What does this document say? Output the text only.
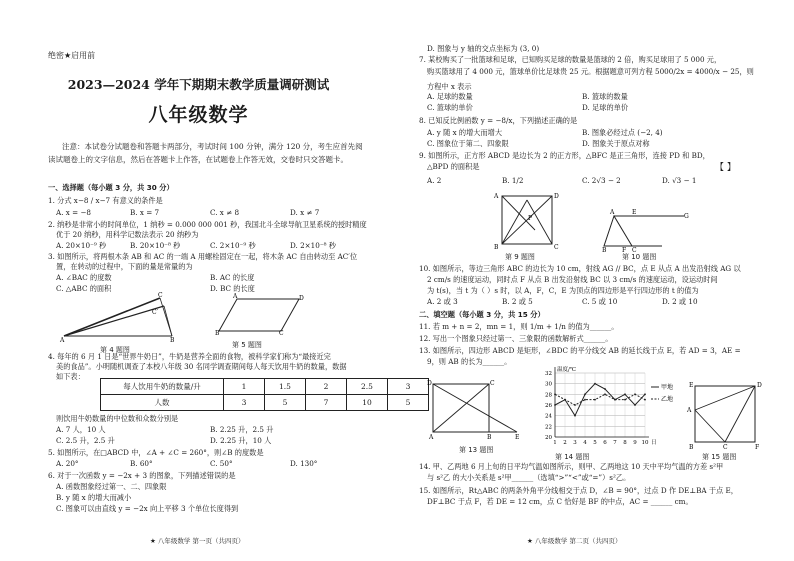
绝密★启用前
2023—2024 学年下期期末教学质量调研测试
八年级数学
注意：本试卷分试题卷和答题卡两部分，考试时间 100 分钟，满分 120 分，考生应首先阅读试题卷上的文字信息，然后在答题卡上作答，在试题卷上作答无效，交卷时只交答题卡。
一、选择题（每小题 3 分，共 30 分）
1. 分式 x−8 / x−7 有意义的条件是
A. x = −8	B. x = 7	C. x ≠ 8	D. x ≠ 7
2. 纳秒是非常小的时间单位，1 纳秒 = 0.000 000 001 秒，我国北斗全球导航卫星系统的授时精度
优于 20 纳秒，用科学记数法表示 20 纳秒为
A. 20×10⁻⁹ 秒	B. 20×10⁻⁸ 秒	C. 2×10⁻⁹ 秒	D. 2×10⁻⁸ 秒
3. 如图所示，将两根木条 AB 和 AC 的一端 A 用螺栓固定在一起，将木条 AC 自由转动至 AC′位
置，在转动的过程中，下面的量是常量的为
A. ∠BAC 的度数	B. AC 的长度
C. △ABC 的面积	D. BC 的长度
A	B
C
C′
第 4 题图
B	C
D
A
第 5 题图
4. 每年的 6 月 1 日是“世界牛奶日”，牛奶是营养全面的食物，被科学家们称为“最接近完
美的食品”。小明随机调查了本校八年级 30 名同学调查期间每人每天饮用牛奶的数量，数据
如下表：
每人饮用牛奶的数量/升	1	1.5	2	2.5	3
人数	3	5	7	10	5
则饮用牛奶数量的中位数和众数分别是
A. 7 人，10 人	B. 2.25 升，2.5 升
C. 2.5 升，2.5 升	D. 2.25 升，10 人
5. 如图所示，在□ABCD 中，∠A + ∠C = 260°，则∠B 的度数是
A. 20°	B. 60°	C. 50°	D. 130°
6. 对于一次函数 y = −2x + 3 的图象，下列描述错误的是
A. 函数图象经过第一、二、四象限
B. y 随 x 的增大而减小
C. 图象可以由直线 y = −2x 向上平移 3 个单位长度得到
★ 八年级数学 第一页（共四页）
D. 图象与 y 轴的交点坐标为 (3, 0)
7. 某校购买了一批篮球和足球，已知购买足球的数量是篮球的 2 倍，购买足球用了 5 000 元，
购买篮球用了 4 000 元，篮球单价比足球贵 25 元。根据题意可列方程 5000/2x = 4000/x − 25，则
方程中 x 表示
A. 足球的数量	B. 篮球的数量
C. 篮球的单价	D. 足球的单价
8. 已知反比例函数 y = −8/x，下列描述正确的是
A. y 随 x 的增大而增大	B. 图象必经过点 (−2, 4)
C. 图象位于第二、四象限	D. 图象关于原点对称
9. 如图所示，正方形 ABCD 是边长为 2 的正方形，△BFC 是正三角形，连接 PD 和 BD，
△BPD 的面积是	【 】
A. 2	B. 1/2	C. 2√3 − 2	D. √3 − 1
A	D
B	C
P
第 9 题图
A	E
G
B	F C
第 10 题图
10. 如图所示，等边三角形 ABC 的边长为 10 cm，射线 AG // BC，点 E 从点 A 出发沿射线 AG 以
2 cm/s 的速度运动，同时点 F 从点 B 出发沿射线 BC 以 3 cm/s 的速度运动，设运动时间
为 t(s)，当 t 为（ ）s 时，以 A，F，C，E 为顶点的四边形是平行四边形的 t 的值为
A. 2 或 3	B. 2 或 5	C. 5 或 10	D. 2 或 10
二、填空题（每小题 3 分，共 15 分）
11. 若 m + n = 2，mn = 1，则 1/m + 1/n 的值为______。
12. 写出一个图象只经过第一、三象限的函数解析式______。
13. 如图所示，四边形 ABCD 是矩形，∠BDC 的平分线交 AB 的延长线于点 E，若 AD = 3，AE =
9，则 AB 的长为______。
D	C
A	B	E
第 13 题图
20
22
24
26
28
30
32
1 2 3 4 5 6 7 8 9 10
温度/℃
日
甲地
乙地
第 14 题图
E	D
A
B	C	F
第 15 题图
14. 甲、乙两地 6 月上旬的日平均气温如图所示，则甲、乙两地这 10 天中平均气温的方差 s²甲
与 s²乙 的大小关系是 s²甲______（选填“>”“<”或“=”）s²乙。
15. 如图所示，Rt△ABC 的两条外角平分线相交于点 D，∠B = 90°，过点 D 作 DE⊥BA 于点 E，
DF⊥BC 于点 F，若 DE = 12 cm，点 C 恰好是 BF 的中点，AC = ______ cm。
★ 八年级数学 第二页（共四页）
